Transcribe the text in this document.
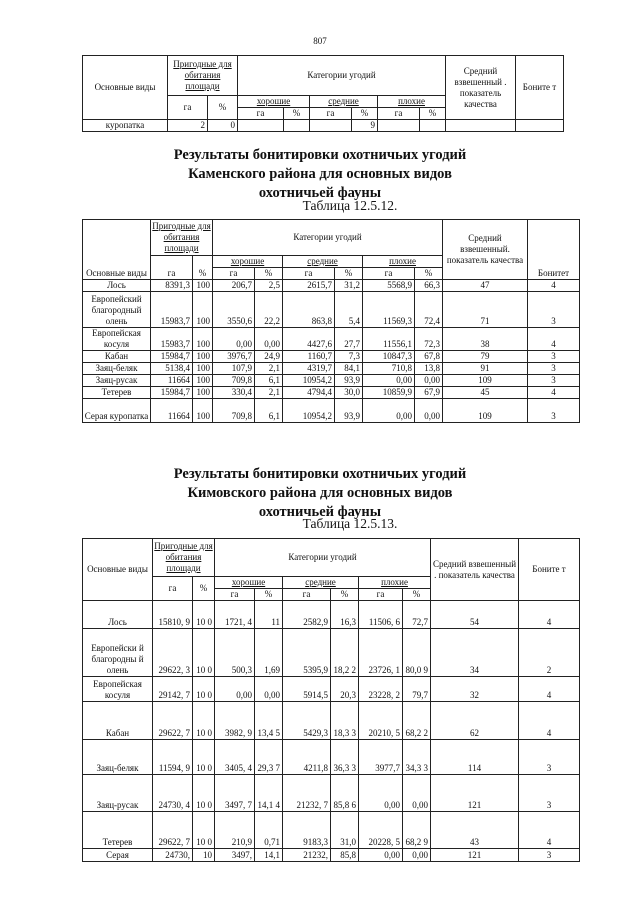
807
Основные виды	Пригодные для обитания площади		Категории угодий						Средний взвешенный . показатель качества	Боните т
	га	%	хорошие		средние		плохие			
			га	%	га	%	га	%		
куропатка	2	0				9				
Результаты бонитировки охотничьих угодий Каменского района для основных видов охотничьей фауны
Таблица 12.5.12.
Основные виды	Пригодные для обитания площади		Категории угодий						Средний взвешенный. показатель качества	Бонитет
	га	%	хорошие		средние		плохие			
			га	%	га	%	га	%		
Лось	8391,3	100	206,7	2,5	2615,7	31,2	5568,9	66,3	47	4
Европейский благородный олень	15983,7	100	3550,6	22,2	863,8	5,4	11569,3	72,4	71	3
Европейская косуля	15983,7	100	0,00	0,00	4427,6	27,7	11556,1	72,3	38	4
Кабан	15984,7	100	3976,7	24,9	1160,7	7,3	10847,3	67,8	79	3
Заяц-беляк	5138,4	100	107,9	2,1	4319,7	84,1	710,8	13,8	91	3
Заяц-русак	11664	100	709,8	6,1	10954,2	93,9	0,00	0,00	109	3
Тетерев	15984,7	100	330,4	2,1	4794,4	30,0	10859,9	67,9	45	4
Серая куропатка	11664	100	709,8	6,1	10954,2	93,9	0,00	0,00	109	3
Результаты бонитировки охотничьих угодий Кимовского района для основных видов охотничьей фауны
Таблица 12.5.13.
Основные виды	Пригодные для обитания площади		Категории угодий						Средний взвешенный . показатель качества	Боните т
	га	%	хорошие		средние		плохие			
			га	%	га	%	га	%		
Лось	15810, 9	10 0	1721, 4	11	2582,9	16,3	11506, 6	72,7	54	4
Европейски й благородны й олень	29622, 3	10 0	500,3	1,69	5395,9	18,2 2	23726, 1	80,0 9	34	2
Европейская косуля	29142, 7	10 0	0,00	0,00	5914,5	20,3	23228, 2	79,7	32	4
Кабан	29622, 7	10 0	3982, 9	13,4 5	5429,3	18,3 3	20210, 5	68,2 2	62	4
Заяц-беляк	11594, 9	10 0	3405, 4	29,3 7	4211,8	36,3 3	3977,7	34,3 3	114	3
Заяц-русак	24730, 4	10 0	3497, 7	14,1 4	21232, 7	85,8 6	0,00	0,00	121	3
Тетерев	29622, 7	10 0	210,9	0,71	9183,3	31,0	20228, 5	68,2 9	43	4
Серая	24730,	10	3497,	14,1	21232,	85,8	0,00	0,00	121	3
